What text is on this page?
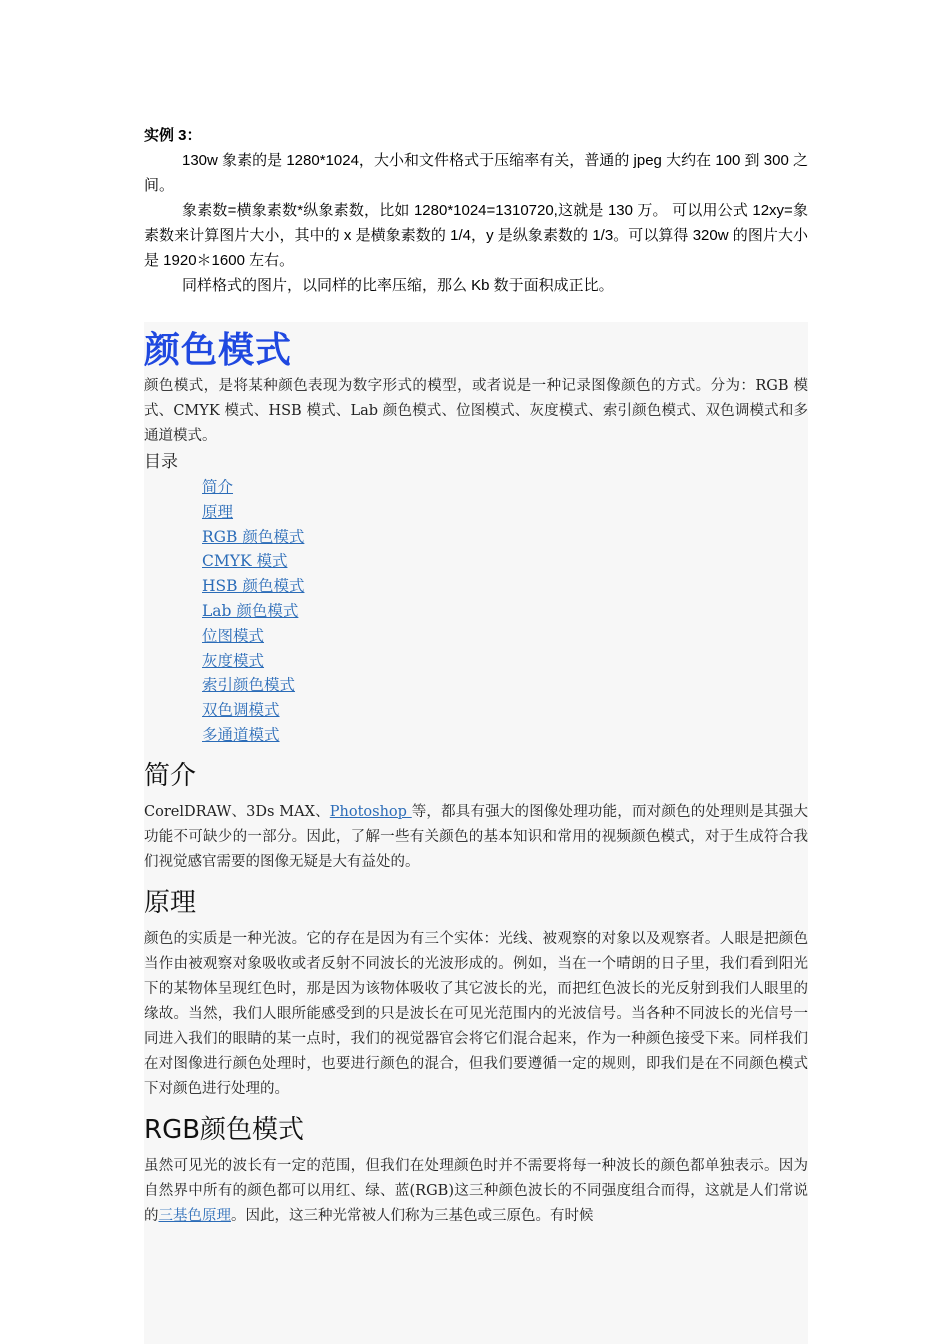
实例 3：

130w 象素的是 1280*1024，大小和文件格式于压缩率有关，普通的 jpeg 大约在 100 到 300 之间。

象素数=横象素数*纵象素数，比如 1280*1024=1310720,这就是 130 万。 可以用公式 12xy=象素数来计算图片大小，其中的 x 是横象素数的 1/4，y 是纵象素数的 1/3。可以算得 320w 的图片大小是 1920＊1600 左右。

同样格式的图片，以同样的比率压缩，那么 Kb 数于面积成正比。

颜色模式

颜色模式，是将某种颜色表现为数字形式的模型，或者说是一种记录图像颜色的方式。分为：RGB 模式、CMYK 模式、HSB 模式、Lab 颜色模式、位图模式、灰度模式、索引颜色模式、双色调模式和多通道模式。

目录
简介
原理
RGB 颜色模式
CMYK 模式
HSB 颜色模式
Lab 颜色模式
位图模式
灰度模式
索引颜色模式
双色调模式
多通道模式
简介

CorelDRAW、3Ds MAX、Photoshop 等，都具有强大的图像处理功能，而对颜色的处理则是其强大功能不可缺少的一部分。因此，了解一些有关颜色的基本知识和常用的视频颜色模式，对于生成符合我们视觉感官需要的图像无疑是大有益处的。

原理

颜色的实质是一种光波。它的存在是因为有三个实体：光线、被观察的对象以及观察者。人眼是把颜色当作由被观察对象吸收或者反射不同波长的光波形成的。例如，当在一个晴朗的日子里，我们看到阳光下的某物体呈现红色时，那是因为该物体吸收了其它波长的光，而把红色波长的光反射到我们人眼里的缘故。当然，我们人眼所能感受到的只是波长在可见光范围内的光波信号。当各种不同波长的光信号一同进入我们的眼睛的某一点时，我们的视觉器官会将它们混合起来，作为一种颜色接受下来。同样我们在对图像进行颜色处理时，也要进行颜色的混合，但我们要遵循一定的规则，即我们是在不同颜色模式下对颜色进行处理的。

RGB颜色模式

虽然可见光的波长有一定的范围，但我们在处理颜色时并不需要将每一种波长的颜色都单独表示。因为自然界中所有的颜色都可以用红、绿、蓝(RGB)这三种颜色波长的不同强度组合而得，这就是人们常说的三基色原理。因此，这三种光常被人们称为三基色或三原色。有时候
